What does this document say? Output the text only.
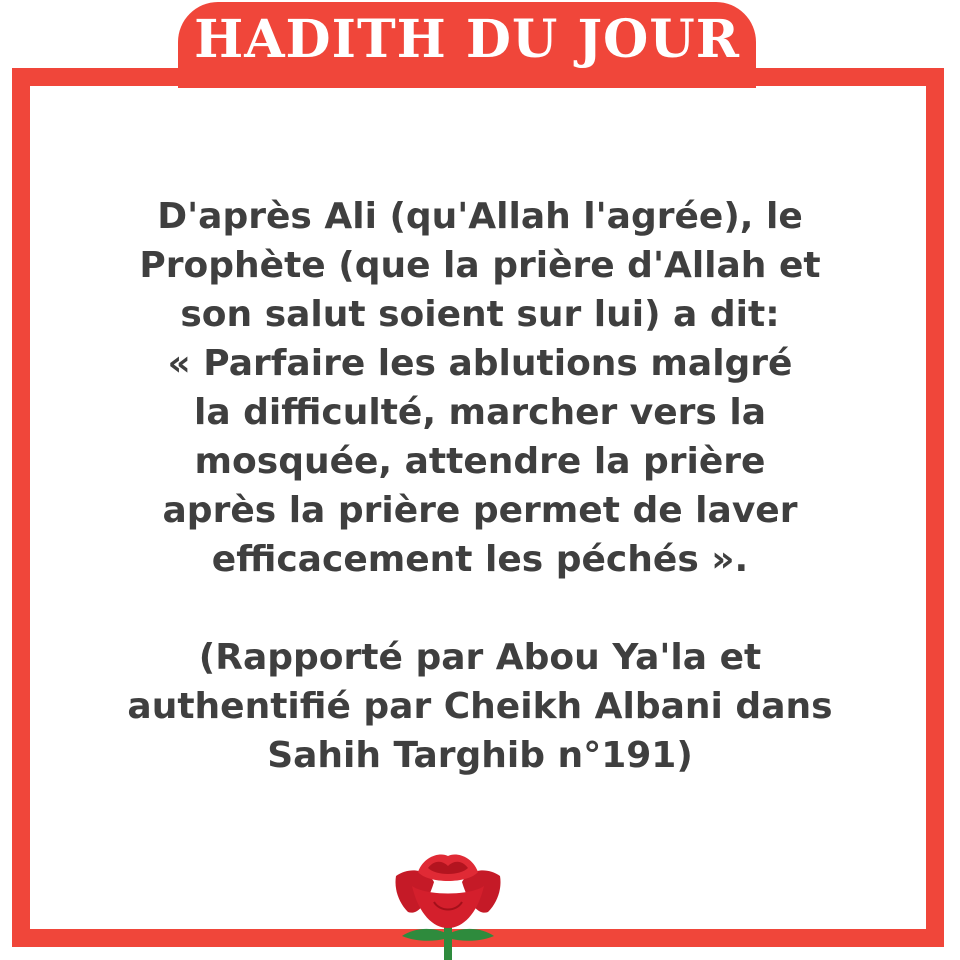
HADITH DU JOUR
D'après Ali (qu'Allah l'agrée), le
Prophète (que la prière d'Allah et
son salut soient sur lui) a dit:
« Parfaire les ablutions malgré
la difficulté, marcher vers la
mosquée, attendre la prière
après la prière permet de laver
efficacement les péchés ».
(Rapporté par Abou Ya'la et
authentifié par Cheikh Albani dans
Sahih Targhib n°191)
